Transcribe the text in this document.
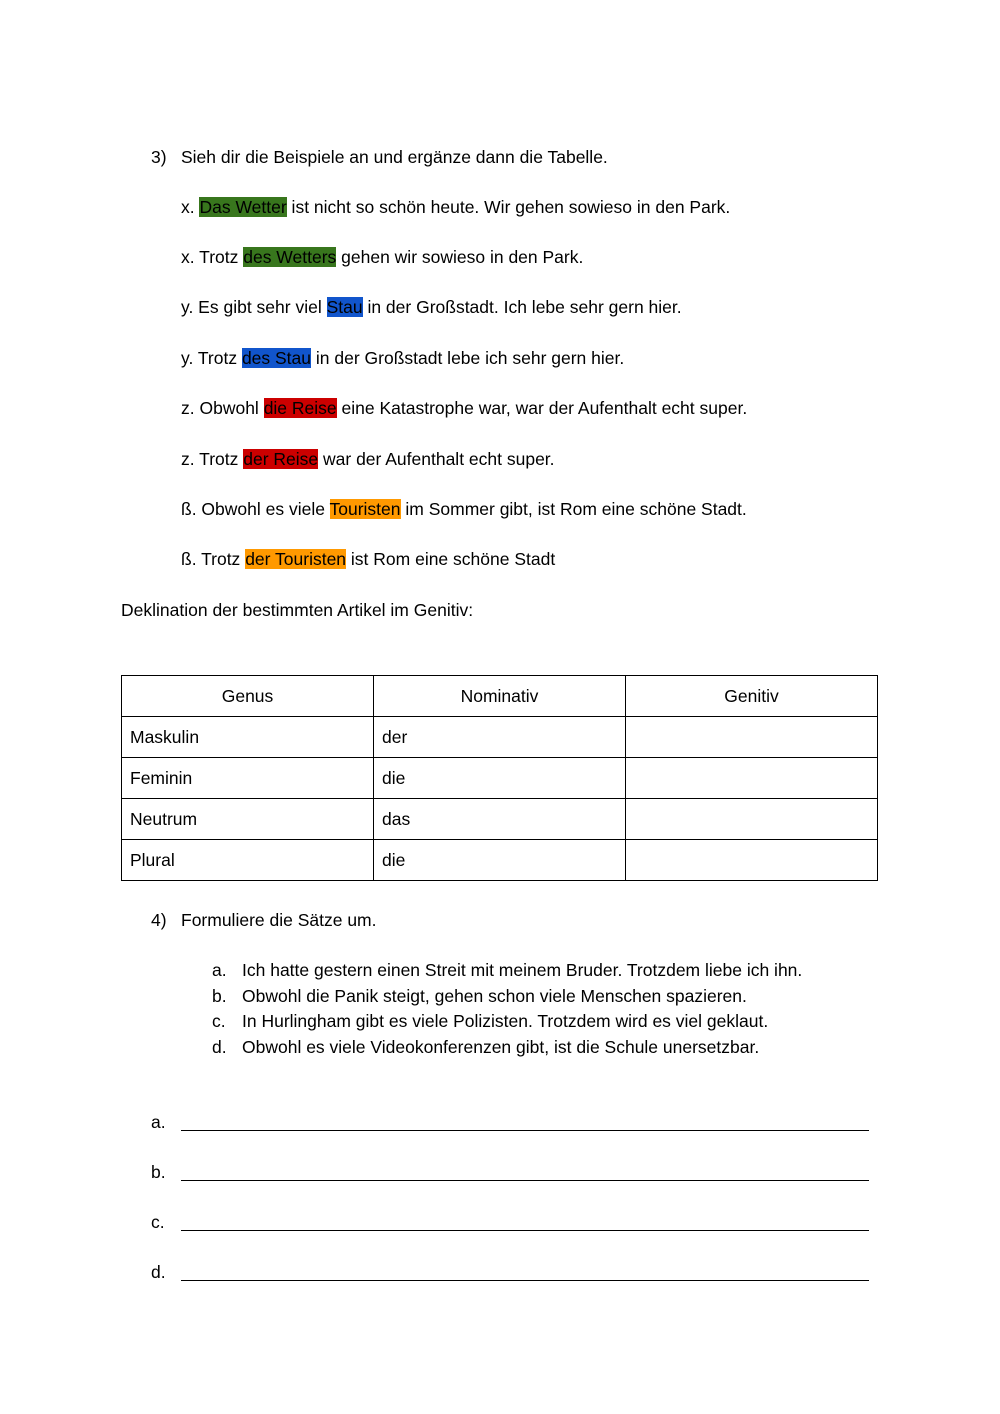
3) Sieh dir die Beispiele an und ergänze dann die Tabelle.
x. Das Wetter ist nicht so schön heute. Wir gehen sowieso in den Park.
x. Trotz des Wetters gehen wir sowieso in den Park.
y. Es gibt sehr viel Stau in der Großstadt. Ich lebe sehr gern hier.
y. Trotz des Stau in der Großstadt lebe ich sehr gern hier.
z. Obwohl die Reise eine Katastrophe war, war der Aufenthalt echt super.
z. Trotz der Reise war der Aufenthalt echt super.
ß. Obwohl es viele Touristen im Sommer gibt, ist Rom eine schöne Stadt.
ß. Trotz der Touristen ist Rom eine schöne Stadt
Deklination der bestimmten Artikel im Genitiv:
Genus	Nominativ	Genitiv
Maskulin	der	
Feminin	die	
Neutrum	das	
Plural	die	
4) Formuliere die Sätze um.
a. Ich hatte gestern einen Streit mit meinem Bruder. Trotzdem liebe ich ihn.
b. Obwohl die Panik steigt, gehen schon viele Menschen spazieren.
c. In Hurlingham gibt es viele Polizisten. Trotzdem wird es viel geklaut.
d. Obwohl es viele Videokonferenzen gibt, ist die Schule unersetzbar.
a.
b.
c.
d.
